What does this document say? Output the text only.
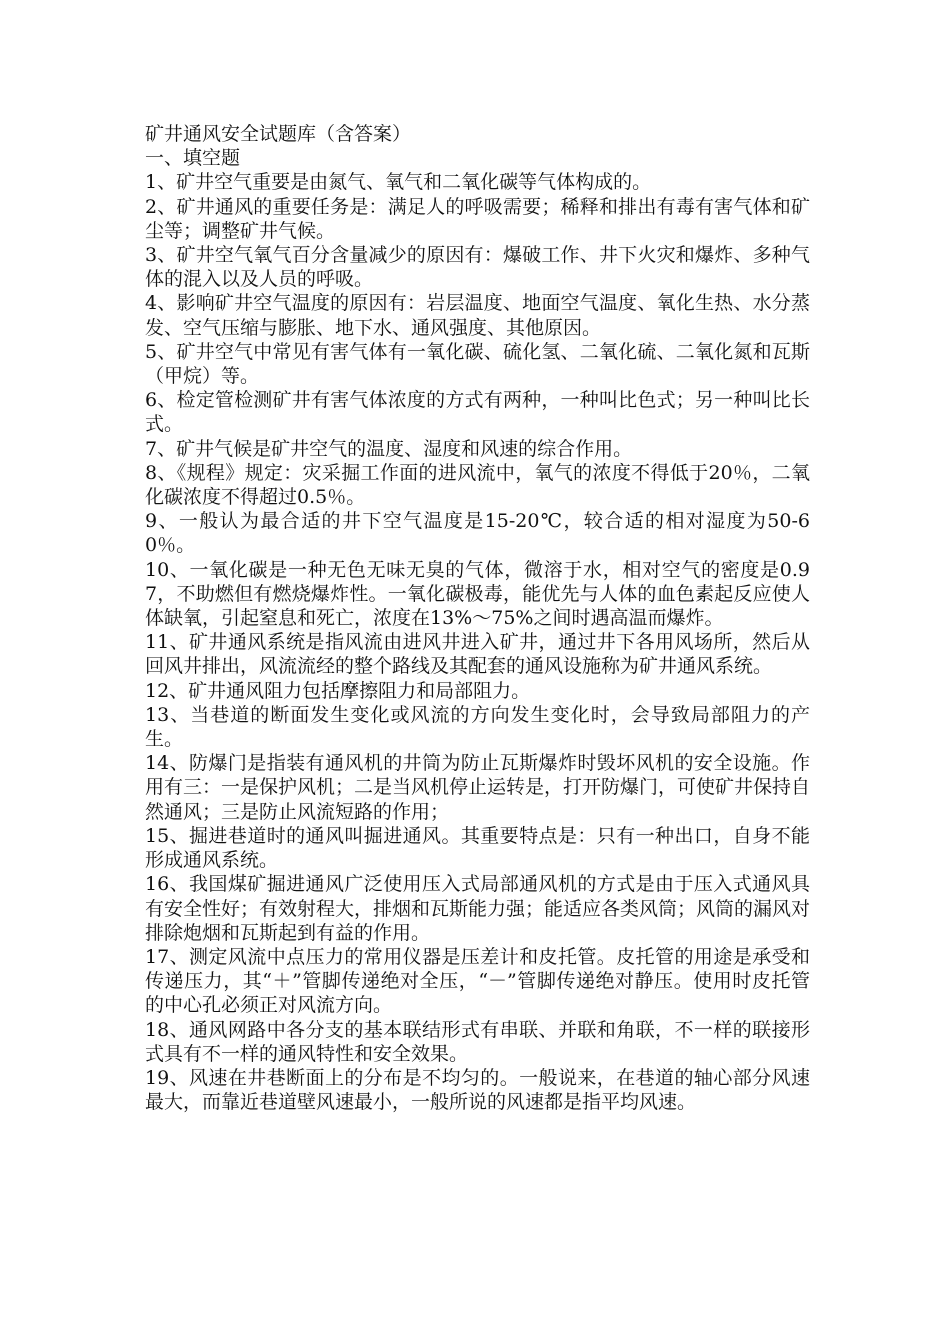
矿井通风安全试题库（含答案）

一、填空题

1、矿井空气重要是由氮气、氧气和二氧化碳等气体构成的。

2、矿井通风的重要任务是：满足人的呼吸需要；稀释和排出有毒有害气体和矿尘等；调整矿井气候。

3、矿井空气氧气百分含量减少的原因有：爆破工作、井下火灾和爆炸、多种气体的混入以及人员的呼吸。

4、影响矿井空气温度的原因有：岩层温度、地面空气温度、氧化生热、水分蒸发、空气压缩与膨胀、地下水、通风强度、其他原因。

5、矿井空气中常见有害气体有一氧化碳、硫化氢、二氧化硫、二氧化氮和瓦斯（甲烷）等。

6、检定管检测矿井有害气体浓度的方式有两种，一种叫比色式；另一种叫比长式。

7、矿井气候是矿井空气的温度、湿度和风速的综合作用。

8、《规程》规定：灾采掘工作面的进风流中，氧气的浓度不得低于20％，二氧化碳浓度不得超过0.5％。

9、一般认为最合适的井下空气温度是15-20℃，较合适的相对湿度为50-60％。

10、一氧化碳是一种无色无味无臭的气体，微溶于水，相对空气的密度是0.97，不助燃但有燃烧爆炸性。一氧化碳极毒，能优先与人体的血色素起反应使人体缺氧，引起窒息和死亡，浓度在13%～75%之间时遇高温而爆炸。

11、矿井通风系统是指风流由进风井进入矿井，通过井下各用风场所，然后从回风井排出，风流流经的整个路线及其配套的通风设施称为矿井通风系统。

12、矿井通风阻力包括摩擦阻力和局部阻力。

13、当巷道的断面发生变化或风流的方向发生变化时，会导致局部阻力的产生。

14、防爆门是指装有通风机的井筒为防止瓦斯爆炸时毁坏风机的安全设施。作用有三：一是保护风机；二是当风机停止运转是，打开防爆门，可使矿井保持自然通风；三是防止风流短路的作用；

15、掘进巷道时的通风叫掘进通风。其重要特点是：只有一种出口，自身不能形成通风系统。

16、我国煤矿掘进通风广泛使用压入式局部通风机的方式是由于压入式通风具有安全性好；有效射程大，排烟和瓦斯能力强；能适应各类风筒；风筒的漏风对排除炮烟和瓦斯起到有益的作用。

17、测定风流中点压力的常用仪器是压差计和皮托管。皮托管的用途是承受和传递压力，其“＋”管脚传递绝对全压，“－”管脚传递绝对静压。使用时皮托管的中心孔必须正对风流方向。

18、通风网路中各分支的基本联结形式有串联、并联和角联，不一样的联接形式具有不一样的通风特性和安全效果。

19、风速在井巷断面上的分布是不均匀的。一般说来，在巷道的轴心部分风速最大，而靠近巷道壁风速最小，一般所说的风速都是指平均风速。
